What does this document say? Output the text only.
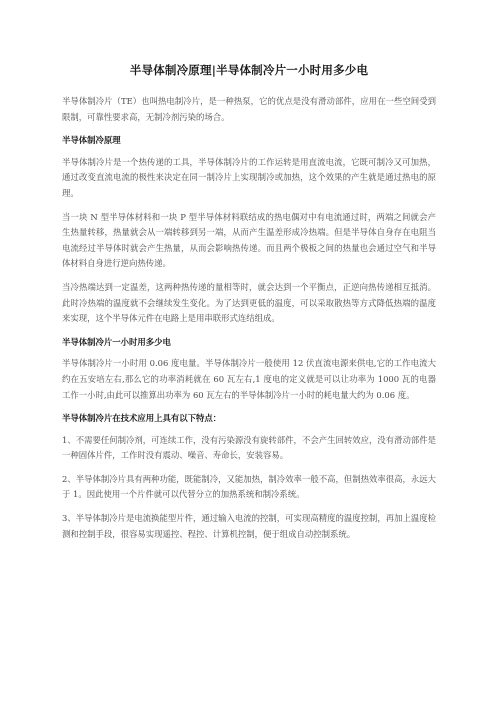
半导体制冷原理|半导体制冷片一小时用多少电

半导体制冷片（TE）也叫热电制冷片，是一种热泵，它的优点是没有滑动部件，应用在一些空间受到限制，可靠性要求高，无制冷剂污染的场合。

半导体制冷原理

半导体制冷片是一个热传递的工具，半导体制冷片的工作运转是用直流电流，它既可制冷又可加热，通过改变直流电流的极性来决定在同一制冷片上实现制冷或加热，这个效果的产生就是通过热电的原理。

当一块 N 型半导体材料和一块 P 型半导体材料联结成的热电偶对中有电流通过时，两端之间就会产生热量转移，热量就会从一端转移到另一端，从而产生温差形成冷热端。但是半导体自身存在电阻当电流经过半导体时就会产生热量，从而会影响热传递。而且两个极板之间的热量也会通过空气和半导体材料自身进行逆向热传递。

当冷热端达到一定温差，这两种热传递的量相等时，就会达到一个平衡点，正逆向热传递相互抵消。此时冷热端的温度就不会继续发生变化。为了达到更低的温度，可以采取散热等方式降低热端的温度来实现，这个半导体元件在电路上是用串联形式连结组成。

半导体制冷片一小时用多少电

半导体制冷片一小时用 0.06 度电量。半导体制冷片一般使用 12 伏直流电源来供电,它的工作电流大约在五安培左右,那么它的功率消耗就在 60 瓦左右,1 度电的定义就是可以让功率为 1000 瓦的电器工作一小时,由此可以推算出功率为 60 瓦左右的半导体制冷片一小时的耗电量大约为 0.06 度。

半导体制冷片在技术应用上具有以下特点：

1、不需要任何制冷剂，可连续工作，没有污染源没有旋转部件，不会产生回转效应，没有滑动部件是一种固体片件，工作时没有震动、噪音、寿命长，安装容易。

2、半导体制冷片具有两种功能，既能制冷，又能加热，制冷效率一般不高，但制热效率很高，永远大于 1。因此使用一个片件就可以代替分立的加热系统和制冷系统。

3、半导体制冷片是电流换能型片件，通过输入电流的控制，可实现高精度的温度控制，再加上温度检测和控制手段，很容易实现遥控、程控、计算机控制，便于组成自动控制系统。
